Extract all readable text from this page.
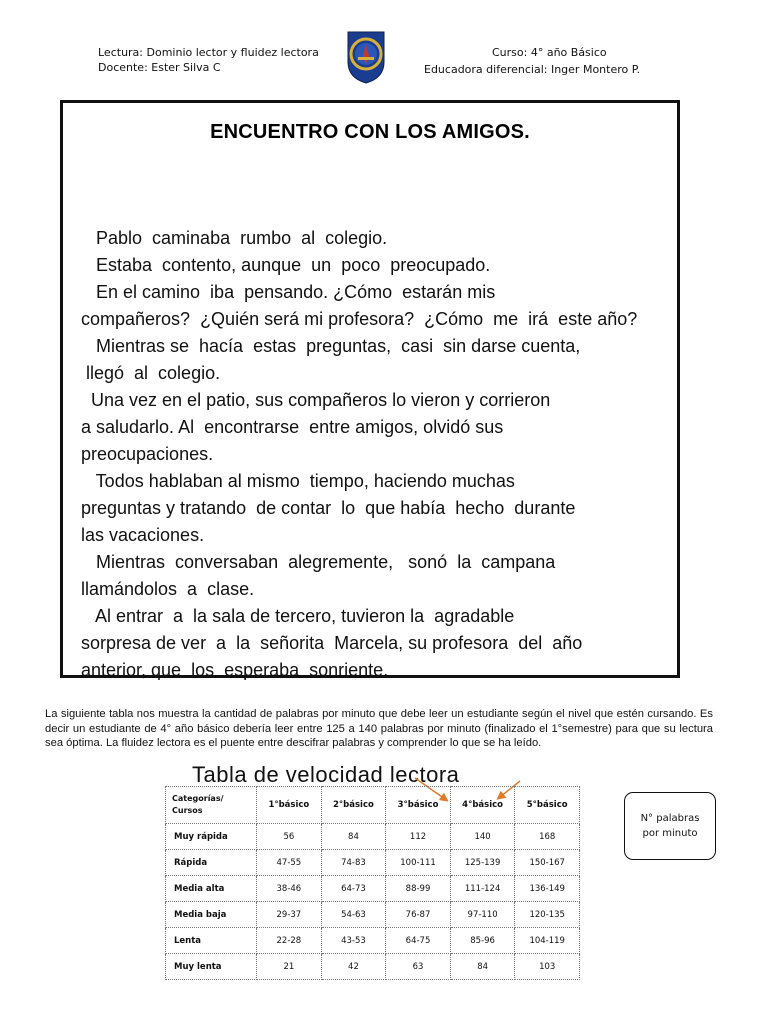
Lectura: Dominio lector y fluidez lectora
Docente: Ester Silva C
Curso: 4° año Básico
Educadora diferencial: Inger Montero P.
ENCUENTRO CON LOS AMIGOS.
Pablo  caminaba  rumbo  al  colegio.
Estaba  contento, aunque  un  poco  preocupado.
En el camino  iba  pensando. ¿Cómo  estarán mis
compañeros?  ¿Quién será mi profesora?  ¿Cómo  me  irá  este año?
Mientras se  hacía  estas  preguntas,  casi  sin darse cuenta,
llegó  al  colegio.
Una vez en el patio, sus compañeros lo vieron y corrieron
a saludarlo. Al  encontrarse  entre amigos, olvidó sus
preocupaciones.
Todos hablaban al mismo  tiempo, haciendo muchas
preguntas y tratando  de contar  lo  que había  hecho  durante
las vacaciones.
Mientras  conversaban  alegremente,   sonó  la  campana
llamándolos  a  clase.
Al entrar  a  la sala de tercero, tuvieron la  agradable
sorpresa de ver  a  la  señorita  Marcela, su profesora  del  año
anterior, que  los  esperaba  sonriente.
La siguiente tabla nos muestra la cantidad de palabras por minuto que debe leer un estudiante según el nivel que estén cursando. Es decir un estudiante de 4° año básico debería leer entre 125 a 140 palabras por minuto (finalizado el 1°semestre) para que su lectura sea óptima. La fluidez lectora es el puente entre descifrar palabras y comprender lo que se ha leído.
Tabla de velocidad lectora
Categorías/
Cursos	1°básico	2°básico	3°básico	4°básico	5°básico
Muy rápida	56	84	112	140	168
Rápida	47-55	74-83	100-111	125-139	150-167
Media alta	38-46	64-73	88-99	111-124	136-149
Media baja	29-37	54-63	76-87	97-110	120-135
Lenta	22-28	43-53	64-75	85-96	104-119
Muy lenta	21	42	63	84	103
N° palabras
por minuto
